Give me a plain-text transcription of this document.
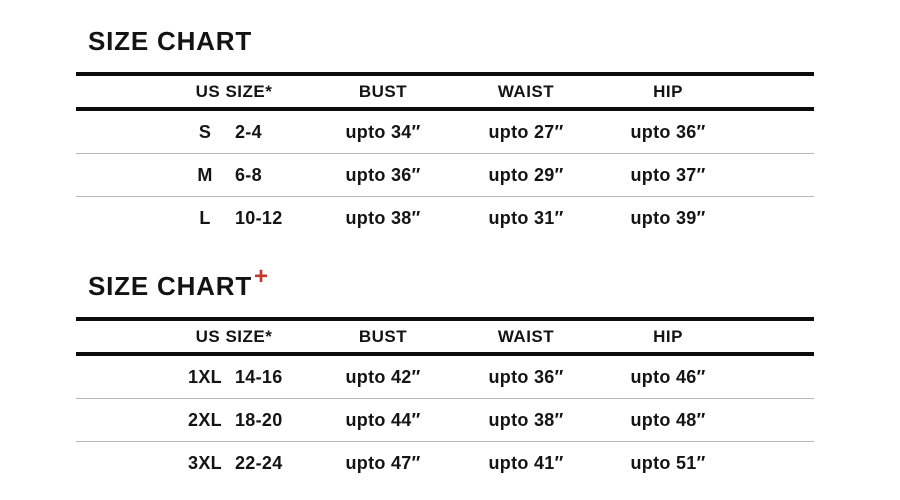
SIZE CHART
US SIZE*	BUST	WAIST	HIP
S	2-4	upto 34″	upto 27″	upto 36″
M	6-8	upto 36″	upto 29″	upto 37″
L	10-12	upto 38″	upto 31″	upto 39″
SIZE CHART +
US SIZE*	BUST	WAIST	HIP
1XL 14-16	upto 42″	upto 36″	upto 46″
2XL 18-20	upto 44″	upto 38″	upto 48″
3XL 22-24	upto 47″	upto 41″	upto 51″
